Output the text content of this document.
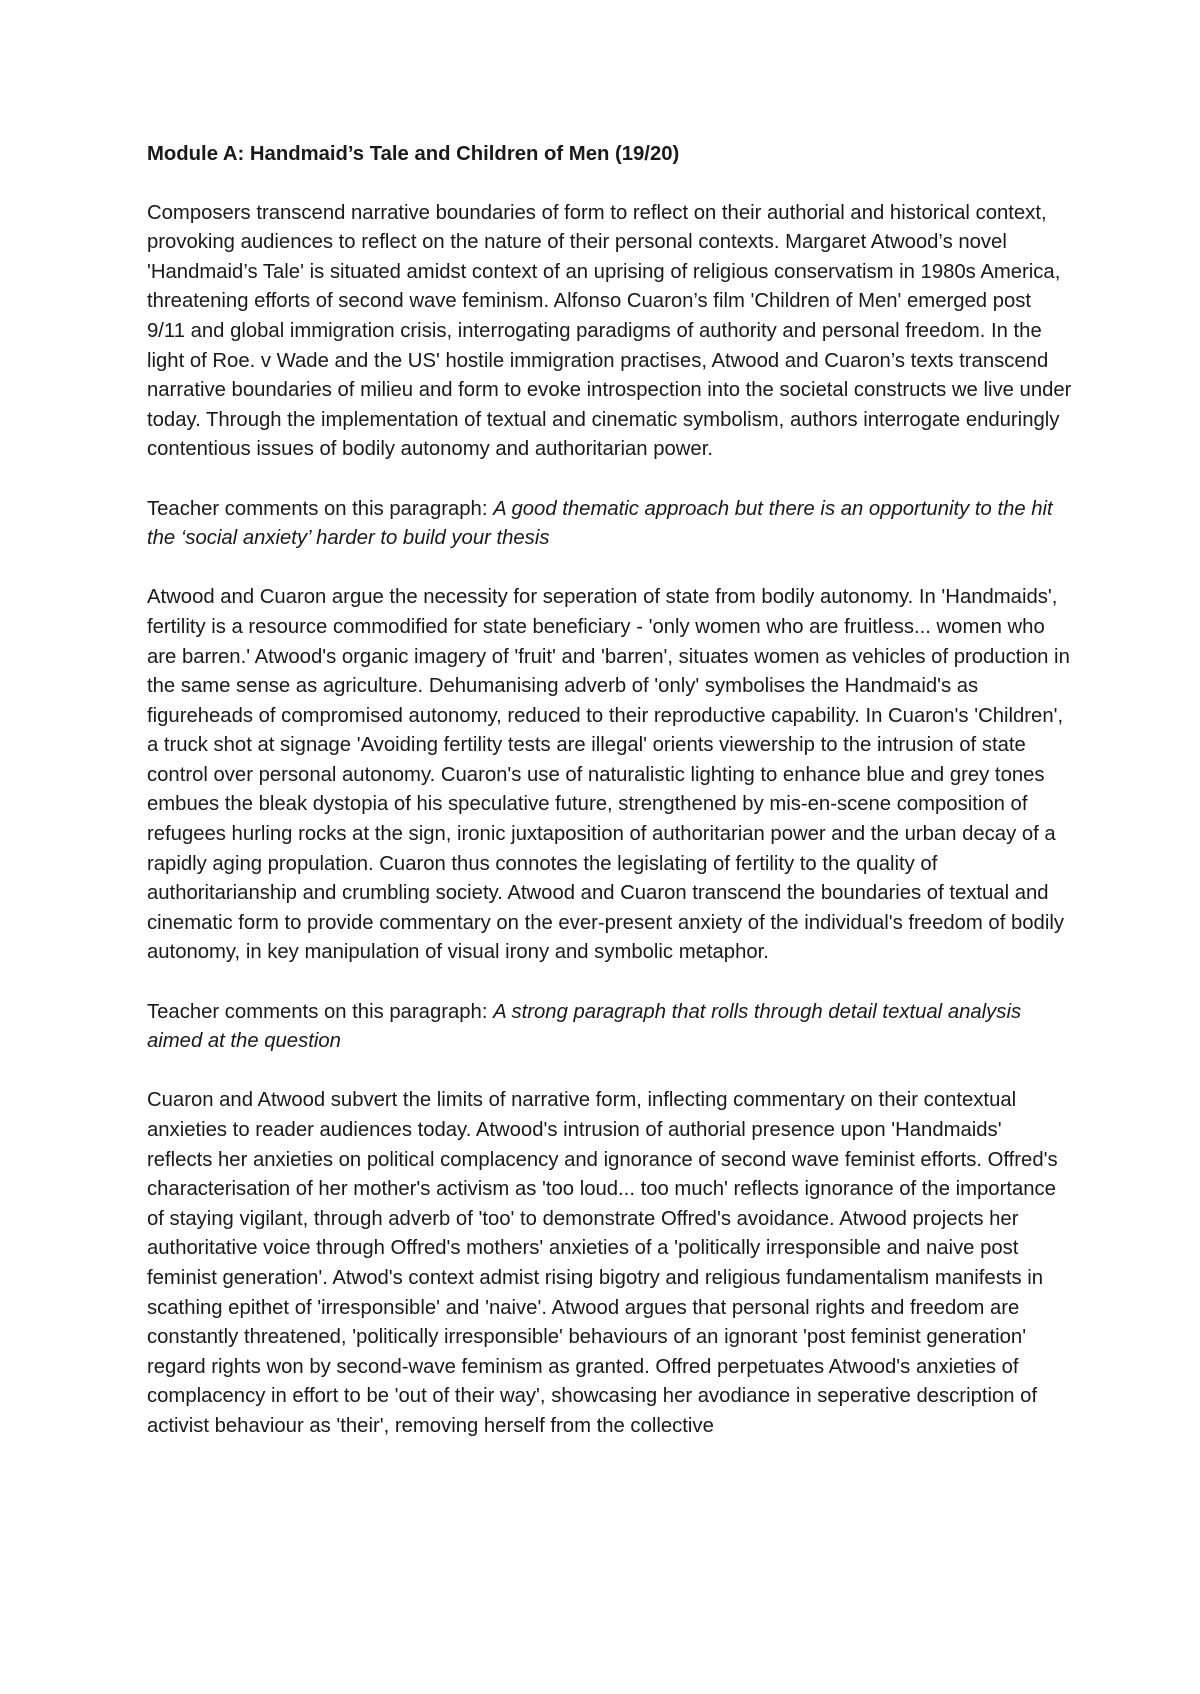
Module A: Handmaid’s Tale and Children of Men (19/20)

Composers transcend narrative boundaries of form to reflect on their authorial and historical context, provoking audiences to reflect on the nature of their personal contexts. Margaret Atwood’s novel 'Handmaid’s Tale' is situated amidst context of an uprising of religious conservatism in 1980s America, threatening efforts of second wave feminism. Alfonso Cuaron’s film 'Children of Men' emerged post 9/11 and global immigration crisis, interrogating paradigms of authority and personal freedom. In the light of Roe. v Wade and the US' hostile immigration practises, Atwood and Cuaron’s texts transcend narrative boundaries of milieu and form to evoke introspection into the societal constructs we live under today. Through the implementation of textual and cinematic symbolism, authors interrogate enduringly contentious issues of bodily autonomy and authoritarian power.

Teacher comments on this paragraph: A good thematic approach but there is an opportunity to the hit the ‘social anxiety’ harder to build your thesis

Atwood and Cuaron argue the necessity for seperation of state from bodily autonomy. In 'Handmaids', fertility is a resource commodified for state beneficiary - 'only women who are fruitless... women who are barren.' Atwood's organic imagery of 'fruit' and 'barren', situates women as vehicles of production in the same sense as agriculture. Dehumanising adverb of 'only' symbolises the Handmaid's as figureheads of compromised autonomy, reduced to their reproductive capability. In Cuaron's 'Children', a truck shot at signage 'Avoiding fertility tests are illegal' orients viewership to the intrusion of state control over personal autonomy. Cuaron's use of naturalistic lighting to enhance blue and grey tones embues the bleak dystopia of his speculative future, strengthened by mis-en-scene composition of refugees hurling rocks at the sign, ironic juxtaposition of authoritarian power and the urban decay of a rapidly aging propulation. Cuaron thus connotes the legislating of fertility to the quality of authoritarianship and crumbling society. Atwood and Cuaron transcend the boundaries of textual and cinematic form to provide commentary on the ever-present anxiety of the individual's freedom of bodily autonomy, in key manipulation of visual irony and symbolic metaphor.

Teacher comments on this paragraph: A strong paragraph that rolls through detail textual analysis aimed at the question

Cuaron and Atwood subvert the limits of narrative form, inflecting commentary on their contextual anxieties to reader audiences today. Atwood's intrusion of authorial presence upon 'Handmaids' reflects her anxieties on political complacency and ignorance of second wave feminist efforts. Offred's characterisation of her mother's activism as 'too loud... too much' reflects ignorance of the importance of staying vigilant, through adverb of 'too' to demonstrate Offred's avoidance. Atwood projects her authoritative voice through Offred's mothers' anxieties of a 'politically irresponsible and naive post feminist generation'. Atwod's context admist rising bigotry and religious fundamentalism manifests in scathing epithet of 'irresponsible' and 'naive'. Atwood argues that personal rights and freedom are constantly threatened, 'politically irresponsible' behaviours of an ignorant 'post feminist generation' regard rights won by second-wave feminism as granted. Offred perpetuates Atwood's anxieties of complacency in effort to be 'out of their way', showcasing her avodiance in seperative description of activist behaviour as 'their', removing herself from the collective
